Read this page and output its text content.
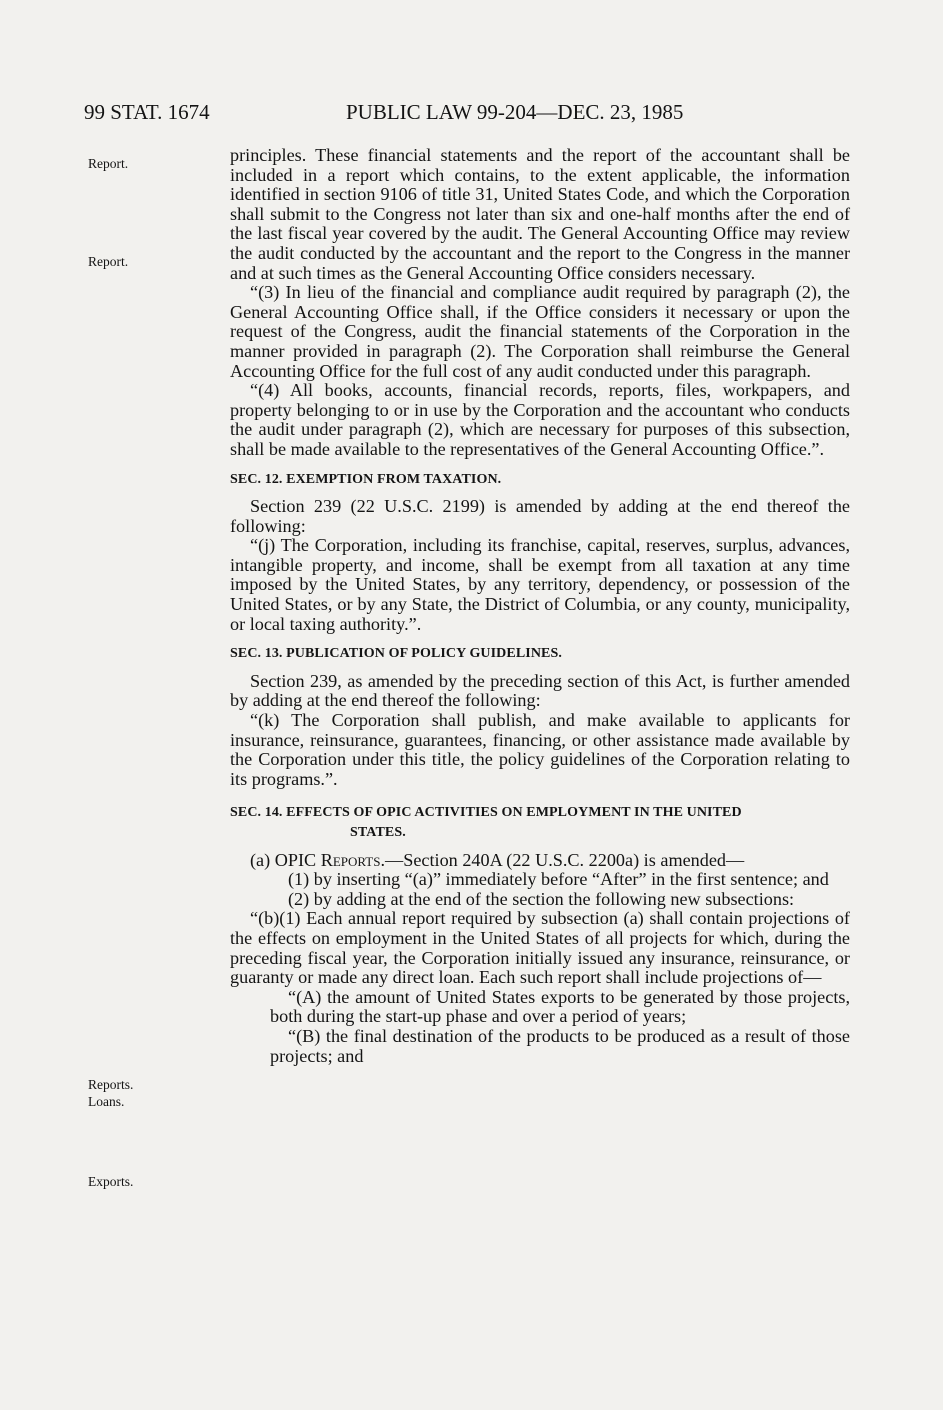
99 STAT. 1674	PUBLIC LAW 99-204—DEC. 23, 1985
Report.
Report.
Reports.
Loans.
Exports.

principles. These financial statements and the report of the accountant shall be included in a report which contains, to the extent applicable, the information identified in section 9106 of title 31, United States Code, and which the Corporation shall submit to the Congress not later than six and one-half months after the end of the last fiscal year covered by the audit. The General Accounting Office may review the audit conducted by the accountant and the report to the Congress in the manner and at such times as the General Accounting Office considers necessary.

“(3) In lieu of the financial and compliance audit required by paragraph (2), the General Accounting Office shall, if the Office considers it necessary or upon the request of the Congress, audit the financial statements of the Corporation in the manner provided in paragraph (2). The Corporation shall reimburse the General Accounting Office for the full cost of any audit conducted under this paragraph.

“(4) All books, accounts, financial records, reports, files, workpapers, and property belonging to or in use by the Corporation and the accountant who conducts the audit under paragraph (2), which are necessary for purposes of this subsection, shall be made available to the representatives of the General Accounting Office.”.

SEC. 12. EXEMPTION FROM TAXATION.

Section 239 (22 U.S.C. 2199) is amended by adding at the end thereof the following:

“(j) The Corporation, including its franchise, capital, reserves, surplus, advances, intangible property, and income, shall be exempt from all taxation at any time imposed by the United States, by any territory, dependency, or possession of the United States, or by any State, the District of Columbia, or any county, municipality, or local taxing authority.”.

SEC. 13. PUBLICATION OF POLICY GUIDELINES.

Section 239, as amended by the preceding section of this Act, is further amended by adding at the end thereof the following:

“(k) The Corporation shall publish, and make available to applicants for insurance, reinsurance, guarantees, financing, or other assistance made available by the Corporation under this title, the policy guidelines of the Corporation relating to its programs.”.

SEC. 14. EFFECTS OF OPIC ACTIVITIES ON EMPLOYMENT IN THE UNITED
STATES.

(a) OPIC Reports.—Section 240A (22 U.S.C. 2200a) is amended—

(1) by inserting “(a)” immediately before “After” in the first sentence; and

(2) by adding at the end of the section the following new subsections:

“(b)(1) Each annual report required by subsection (a) shall contain projections of the effects on employment in the United States of all projects for which, during the preceding fiscal year, the Corporation initially issued any insurance, reinsurance, or guaranty or made any direct loan. Each such report shall include projections of—

“(A) the amount of United States exports to be generated by those projects, both during the start-up phase and over a period of years;

“(B) the final destination of the products to be produced as a result of those projects; and
